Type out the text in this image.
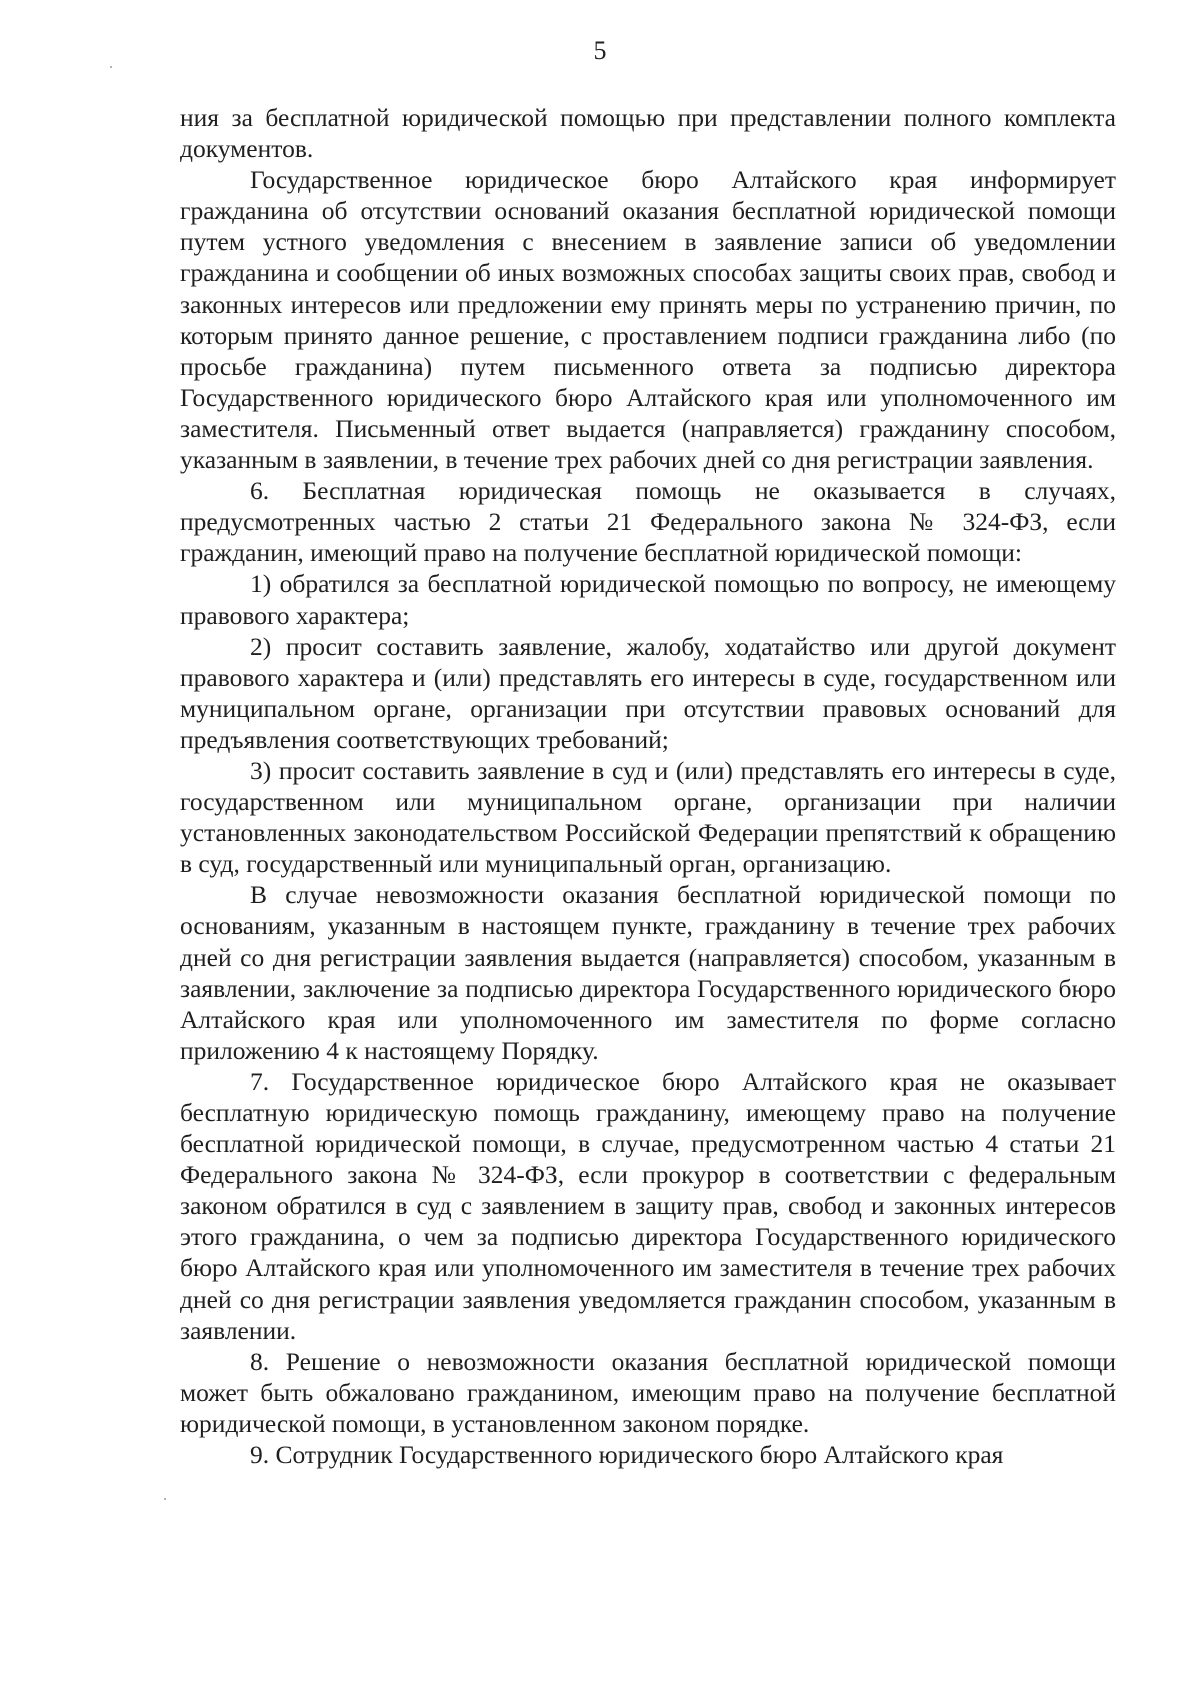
5

ния за бесплатной юридической помощью при представлении полного комплекта документов.

Государственное юридическое бюро Алтайского края информирует гражданина об отсутствии оснований оказания бесплатной юридической помощи путем устного уведомления с внесением в заявление записи об уведомлении гражданина и сообщении об иных возможных способах защиты своих прав, свобод и законных интересов или предложении ему принять меры по устранению причин, по которым принято данное решение, с проставлением подписи гражданина либо (по просьбе гражданина) путем письменного ответа за подписью директора Государственного юридического бюро Алтайского края или уполномоченного им заместителя. Письменный ответ выдается (направляется) гражданину способом, указанным в заявлении, в течение трех рабочих дней со дня регистрации заявления.

6. Бесплатная юридическая помощь не оказывается в случаях, предусмотренных частью 2 статьи 21 Федерального закона № 324-ФЗ, если гражданин, имеющий право на получение бесплатной юридической помощи:

1) обратился за бесплатной юридической помощью по вопросу, не имеющему правового характера;

2) просит составить заявление, жалобу, ходатайство или другой документ правового характера и (или) представлять его интересы в суде, государственном или муниципальном органе, организации при отсутствии правовых оснований для предъявления соответствующих требований;

3) просит составить заявление в суд и (или) представлять его интересы в суде, государственном или муниципальном органе, организации при наличии установленных законодательством Российской Федерации препятствий к обращению в суд, государственный или муниципальный орган, организацию.

В случае невозможности оказания бесплатной юридической помощи по основаниям, указанным в настоящем пункте, гражданину в течение трех рабочих дней со дня регистрации заявления выдается (направляется) способом, указанным в заявлении, заключение за подписью директора Государственного юридического бюро Алтайского края или уполномоченного им заместителя по форме согласно приложению 4 к настоящему Порядку.

7. Государственное юридическое бюро Алтайского края не оказывает бесплатную юридическую помощь гражданину, имеющему право на получение бесплатной юридической помощи, в случае, предусмотренном частью 4 статьи 21 Федерального закона № 324-ФЗ, если прокурор в соответствии с федеральным законом обратился в суд с заявлением в защиту прав, свобод и законных интересов этого гражданина, о чем за подписью директора Государственного юридического бюро Алтайского края или уполномоченного им заместителя в течение трех рабочих дней со дня регистрации заявления уведомляется гражданин способом, указанным в заявлении.

8. Решение о невозможности оказания бесплатной юридической помощи может быть обжаловано гражданином, имеющим право на получение бесплатной юридической помощи, в установленном законом порядке.

9. Сотрудник Государственного юридического бюро Алтайского края
